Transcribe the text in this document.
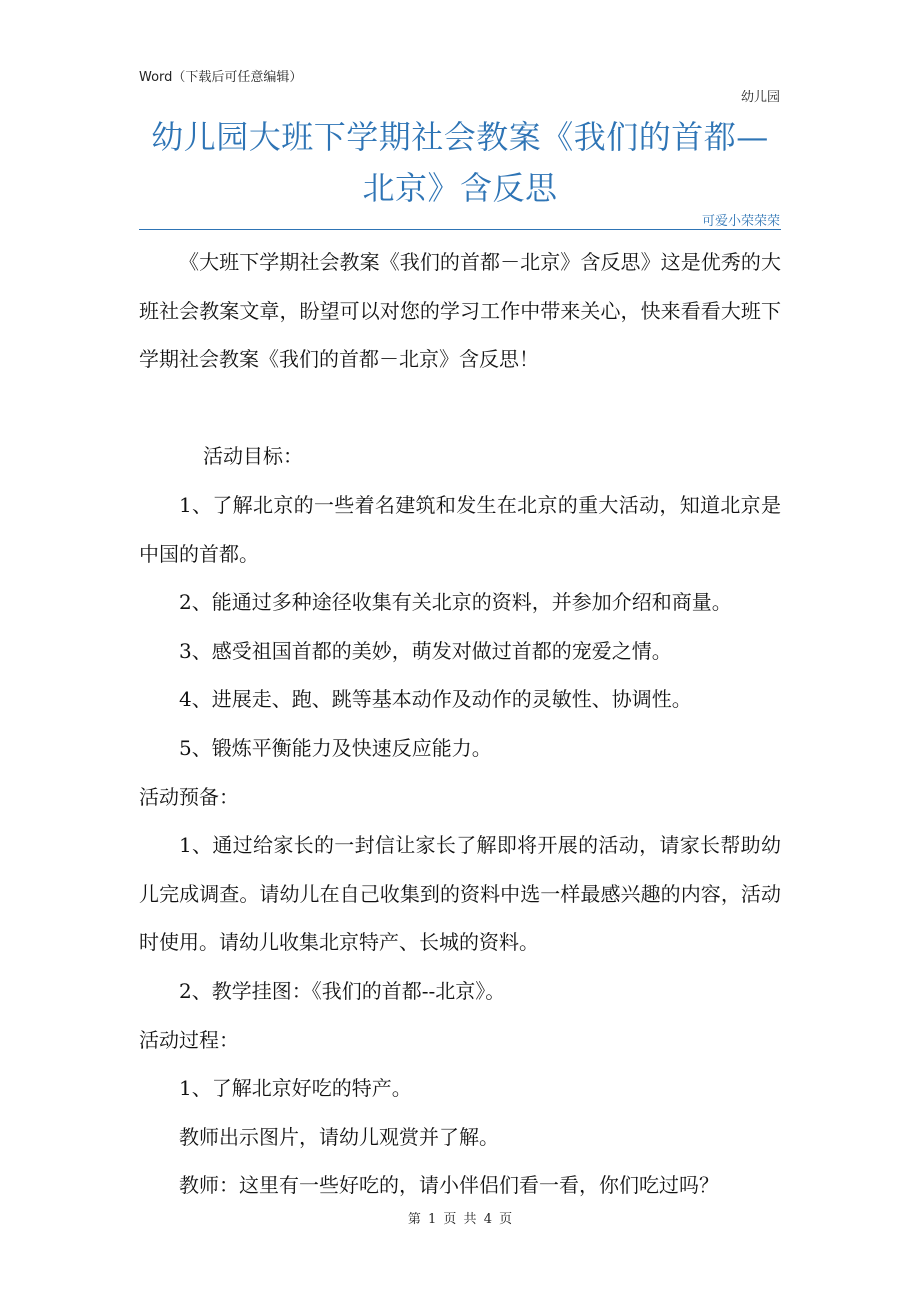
Word（下载后可任意编辑）
幼儿园
幼儿园大班下学期社会教案《我们的首都—北京》含反思
可爱小荣荣荣

《大班下学期社会教案《我们的首都－北京》含反思》这是优秀的大班社会教案文章，盼望可以对您的学习工作中带来关心，快来看看大班下学期社会教案《我们的首都－北京》含反思！

活动目标：

1、了解北京的一些着名建筑和发生在北京的重大活动，知道北京是中国的首都。

2、能通过多种途径收集有关北京的资料，并参加介绍和商量。

3、感受祖国首都的美妙，萌发对做过首都的宠爱之情。

4、进展走、跑、跳等基本动作及动作的灵敏性、协调性。

5、锻炼平衡能力及快速反应能力。

活动预备：

1、通过给家长的一封信让家长了解即将开展的活动，请家长帮助幼儿完成调查。请幼儿在自己收集到的资料中选一样最感兴趣的内容，活动时使用。请幼儿收集北京特产、长城的资料。

2、教学挂图：《我们的首都--北京》。

活动过程：

1、了解北京好吃的特产。

教师出示图片，请幼儿观赏并了解。

教师：这里有一些好吃的，请小伴侣们看一看，你们吃过吗？

第 1 页 共 4 页
